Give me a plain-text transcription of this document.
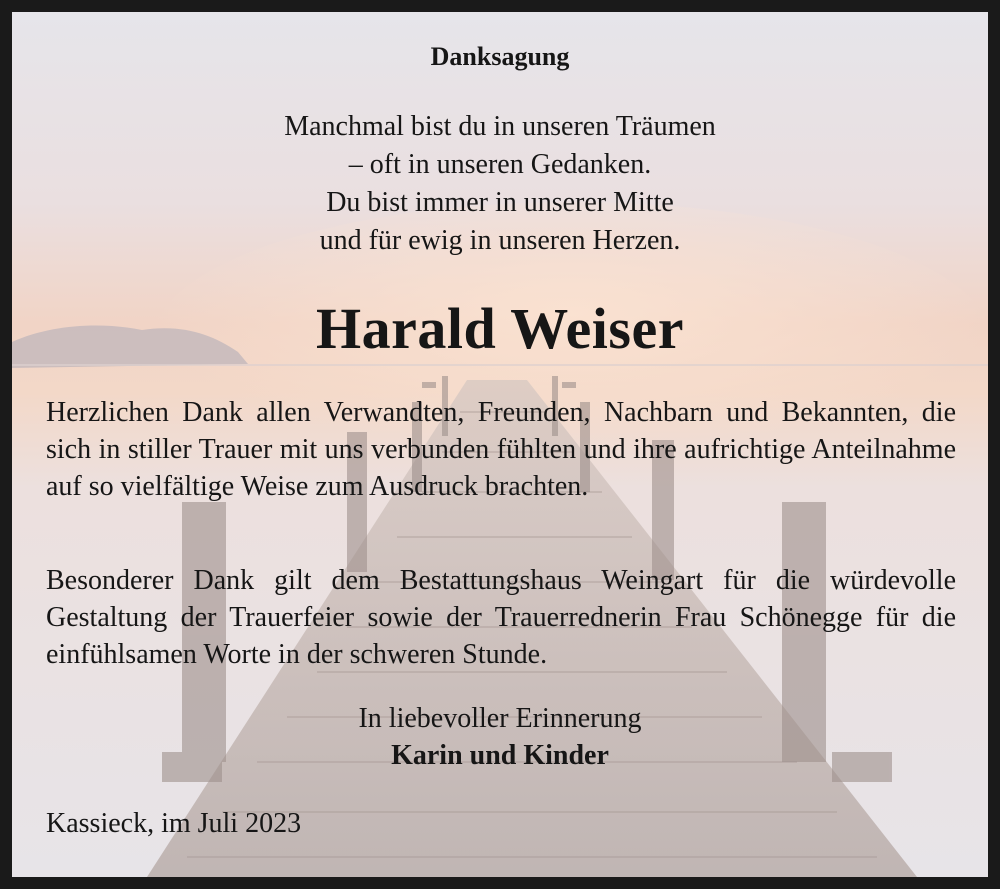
Danksagung
Manchmal bist du in unseren Träumen
– oft in unseren Gedanken.
Du bist immer in unserer Mitte
und für ewig in unseren Herzen.
Harald Weiser
Herzlichen Dank allen Verwandten, Freunden, Nachbarn und Bekannten, die sich in stiller Trauer mit uns verbunden fühlten und ihre aufrichtige Anteilnahme auf so vielfältige Weise zum Ausdruck brachten.
Besonderer Dank gilt dem Bestattungshaus Weingart für die würdevolle Gestaltung der Trauerfeier sowie der Trauerrednerin Frau Schönegge für die einfühlsamen Worte in der schweren Stunde.
In liebevoller Erinnerung
Karin und Kinder
Kassieck, im Juli 2023
